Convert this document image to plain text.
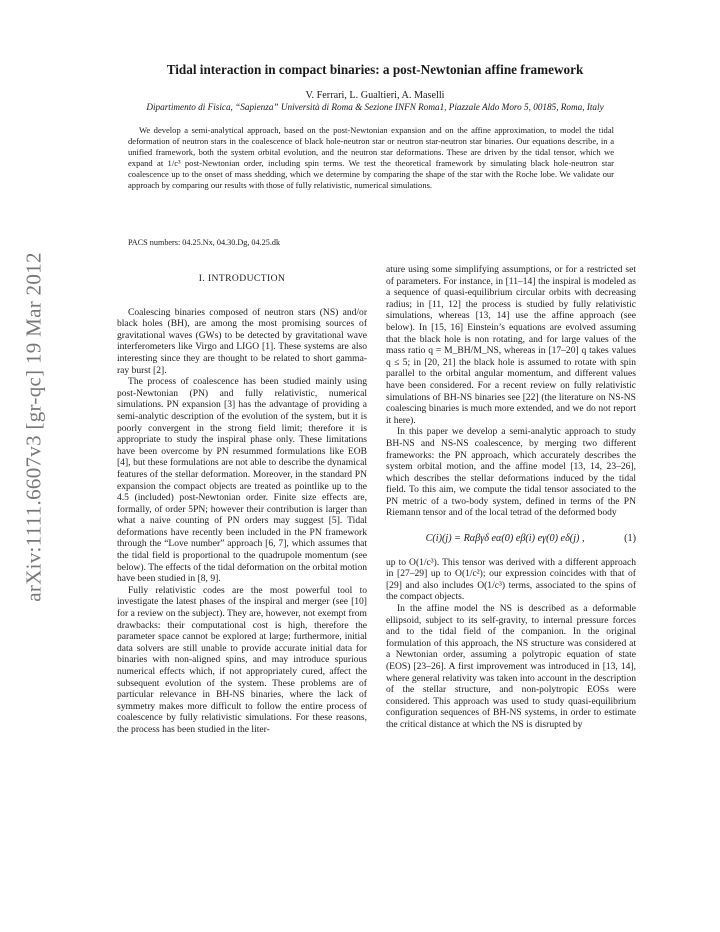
arXiv:1111.6607v3 [gr-qc] 19 Mar 2012
Tidal interaction in compact binaries: a post-Newtonian affine framework
V. Ferrari, L. Gualtieri, A. Maselli
Dipartimento di Fisica, “Sapienza” Università di Roma & Sezione INFN Roma1, Piazzale Aldo Moro 5, 00185, Roma, Italy

We develop a semi-analytical approach, based on the post-Newtonian expansion and on the affine approximation, to model the tidal deformation of neutron stars in the coalescence of black hole-neutron star or neutron star-neutron star binaries. Our equations describe, in a unified framework, both the system orbital evolution, and the neutron star deformations. These are driven by the tidal tensor, which we expand at 1/c³ post-Newtonian order, including spin terms. We test the theoretical framework by simulating black hole-neutron star coalescence up to the onset of mass shedding, which we determine by comparing the shape of the star with the Roche lobe. We validate our approach by comparing our results with those of fully relativistic, numerical simulations.

PACS numbers: 04.25.Nx, 04.30.Dg, 04.25.dk
I. INTRODUCTION

Coalescing binaries composed of neutron stars (NS) and/or black holes (BH), are among the most promising sources of gravitational waves (GWs) to be detected by gravitational wave interferometers like Virgo and LIGO [1]. These systems are also interesting since they are thought to be related to short gamma-ray burst [2].

The process of coalescence has been studied mainly using post-Newtonian (PN) and fully relativistic, numerical simulations. PN expansion [3] has the advantage of providing a semi-analytic description of the evolution of the system, but it is poorly convergent in the strong field limit; therefore it is appropriate to study the inspiral phase only. These limitations have been overcome by PN resummed formulations like EOB [4], but these formulations are not able to describe the dynamical features of the stellar deformation. Moreover, in the standard PN expansion the compact objects are treated as pointlike up to the 4.5 (included) post-Newtonian order. Finite size effects are, formally, of order 5PN; however their contribution is larger than what a naive counting of PN orders may suggest [5]. Tidal deformations have recently been included in the PN framework through the “Love number” approach [6, 7], which assumes that the tidal field is proportional to the quadrupole momentum (see below). The effects of the tidal deformation on the orbital motion have been studied in [8, 9].

Fully relativistic codes are the most powerful tool to investigate the latest phases of the inspiral and merger (see [10] for a review on the subject). They are, however, not exempt from drawbacks: their computational cost is high, therefore the parameter space cannot be explored at large; furthermore, initial data solvers are still unable to provide accurate initial data for binaries with non-aligned spins, and may introduce spurious numerical effects which, if not appropriately cured, affect the subsequent evolution of the system. These problems are of particular relevance in BH-NS binaries, where the lack of symmetry makes more difficult to follow the entire process of coalescence by fully relativistic simulations. For these reasons, the process has been studied in the liter-

ature using some simplifying assumptions, or for a restricted set of parameters. For instance, in [11–14] the inspiral is modeled as a sequence of quasi-equilibrium circular orbits with decreasing radius; in [11, 12] the process is studied by fully relativistic simulations, whereas [13, 14] use the affine approach (see below). In [15, 16] Einstein’s equations are evolved assuming that the black hole is non rotating, and for large values of the mass ratio q = M_BH/M_NS, whereas in [17–20] q takes values q ≤ 5; in [20, 21] the black hole is assumed to rotate with spin parallel to the orbital angular momentum, and different values have been considered. For a recent review on fully relativistic simulations of BH-NS binaries see [22] (the literature on NS-NS coalescing binaries is much more extended, and we do not report it here).

In this paper we develop a semi-analytic approach to study BH-NS and NS-NS coalescence, by merging two different frameworks: the PN approach, which accurately describes the system orbital motion, and the affine model [13, 14, 23–26], which describes the stellar deformations induced by the tidal field. To this aim, we compute the tidal tensor associated to the PN metric of a two-body system, defined in terms of the PN Riemann tensor and of the local tetrad of the deformed body

C(i)(j) = Rαβγδ eα(0) eβ(i) eγ(0) eδ(j) ,	(1)

up to O(1/c³). This tensor was derived with a different approach in [27–29] up to O(1/c²); our expression coincides with that of [29] and also includes O(1/c³) terms, associated to the spins of the compact objects.

In the affine model the NS is described as a deformable ellipsoid, subject to its self-gravity, to internal pressure forces and to the tidal field of the companion. In the original formulation of this approach, the NS structure was considered at a Newtonian order, assuming a polytropic equation of state (EOS) [23–26]. A first improvement was introduced in [13, 14], where general relativity was taken into account in the description of the stellar structure, and non-polytropic EOSs were considered. This approach was used to study quasi-equilibrium configuration sequences of BH-NS systems, in order to estimate the critical distance at which the NS is disrupted by
